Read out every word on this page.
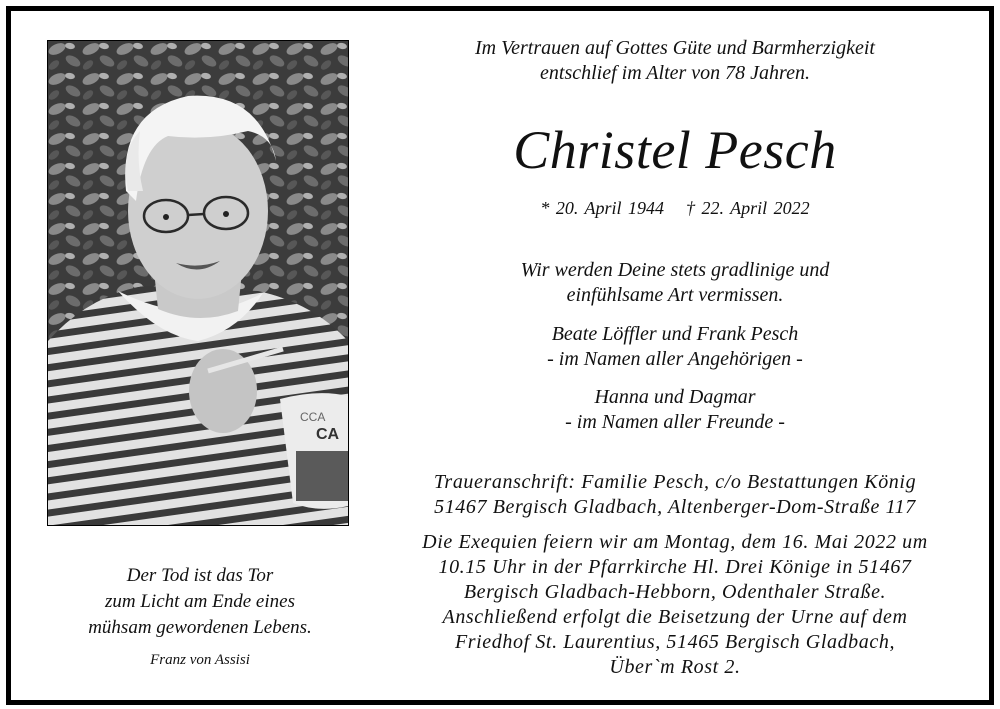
CA
CCA
Der Tod ist das Tor
zum Licht am Ende eines
mühsam gewordenen Lebens.
Franz von Assisi
Im Vertrauen auf Gottes Güte und Barmherzigkeit
entschlief im Alter von 78 Jahren.
Christel Pesch
* 20. April 1944 † 22. April 2022
Wir werden Deine stets gradlinige und
einfühlsame Art vermissen.
Beate Löffler und Frank Pesch
- im Namen aller Angehörigen -
Hanna und Dagmar
- im Namen aller Freunde -
Traueranschrift: Familie Pesch, c/o Bestattungen König
51467 Bergisch Gladbach, Altenberger-Dom-Straße 117
Die Exequien feiern wir am Montag, dem 16. Mai 2022 um
10.15 Uhr in der Pfarrkirche Hl. Drei Könige in 51467
Bergisch Gladbach-Hebborn, Odenthaler Straße.
Anschließend erfolgt die Beisetzung der Urne auf dem
Friedhof St. Laurentius, 51465 Bergisch Gladbach,
Über`m Rost 2.
